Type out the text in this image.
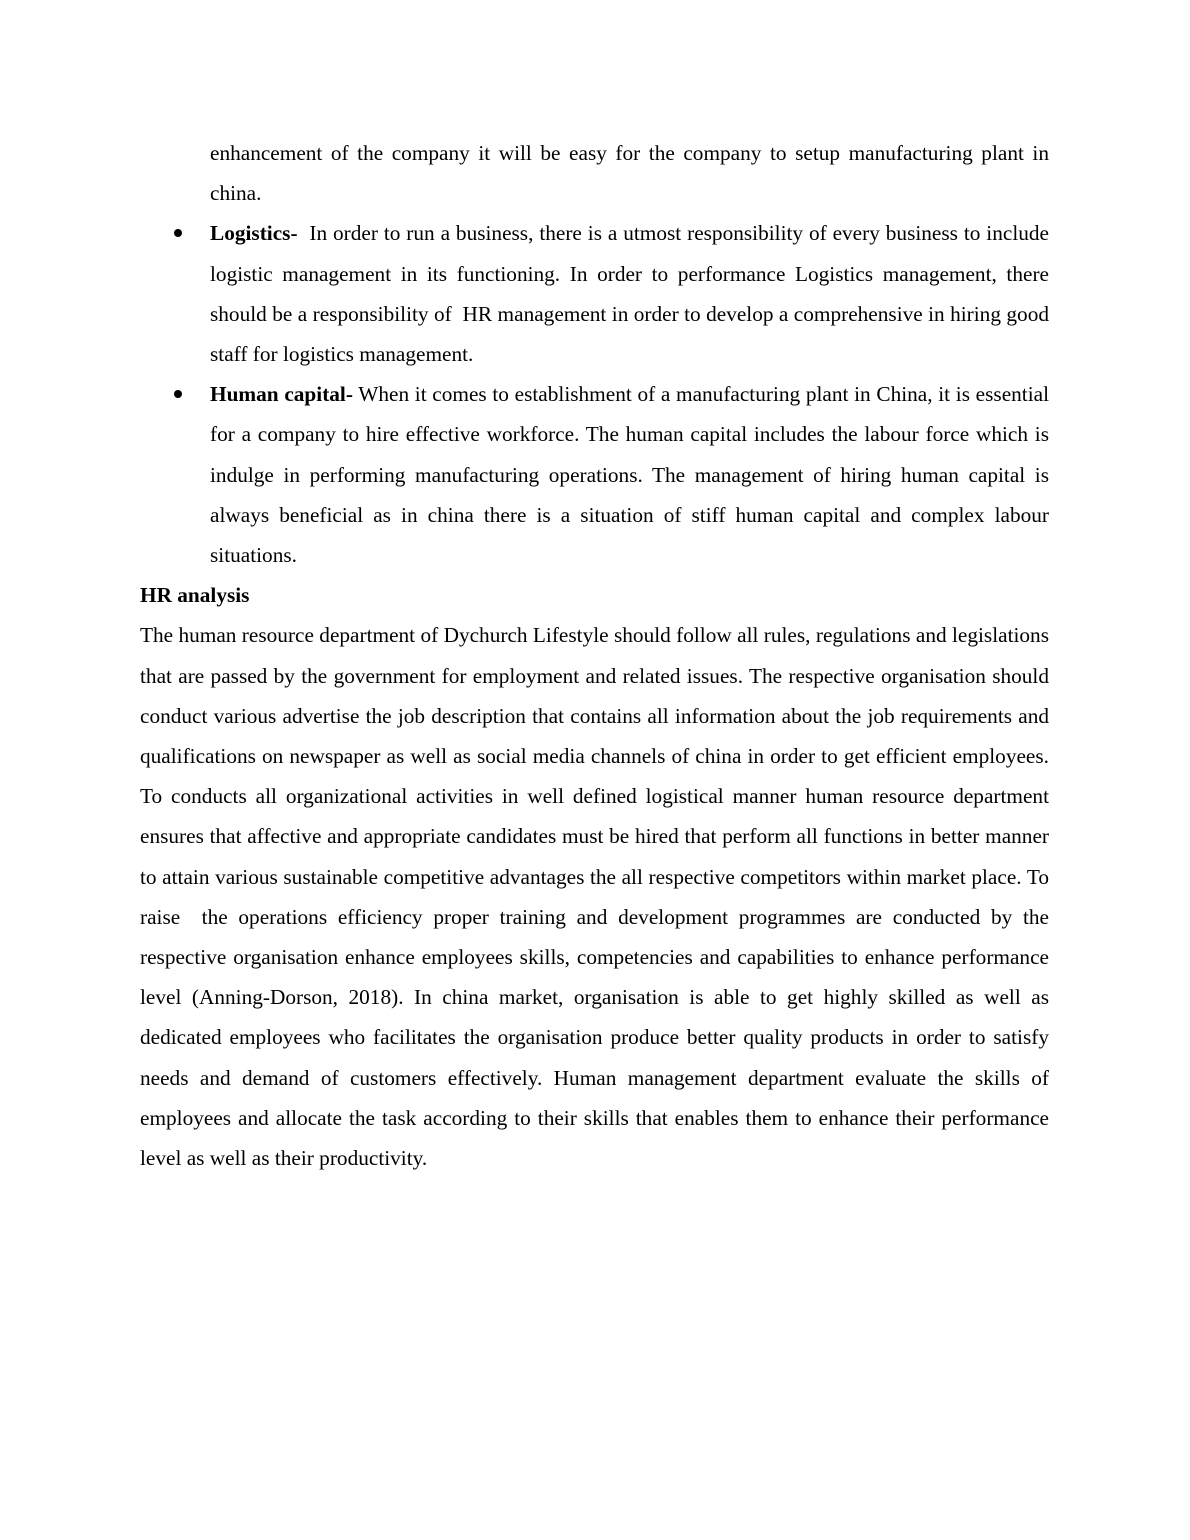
enhancement of the company it will be easy for the company to setup manufacturing plant in china.
Logistics-  In order to run a business, there is a utmost responsibility of every business to include logistic management in its functioning. In order to performance Logistics management, there should be a responsibility of  HR management in order to develop a comprehensive in hiring good staff for logistics management.
Human capital- When it comes to establishment of a manufacturing plant in China, it is essential for a company to hire effective workforce. The human capital includes the labour force which is indulge in performing manufacturing operations. The management of hiring human capital is always beneficial as in china there is a situation of stiff human capital and complex labour situations.

HR analysis

The human resource department of Dychurch Lifestyle should follow all rules, regulations and legislations that are passed by the government for employment and related issues. The respective organisation should conduct various advertise the job description that contains all information about the job requirements and qualifications on newspaper as well as social media channels of china in order to get efficient employees. To conducts all organizational activities in well defined logistical manner human resource department ensures that affective and appropriate candidates must be hired that perform all functions in better manner to attain various sustainable competitive advantages the all respective competitors within market place. To raise  the operations efficiency proper training and development programmes are conducted by the respective organisation enhance employees skills, competencies and capabilities to enhance performance level (Anning-Dorson, 2018). In china market, organisation is able to get highly skilled as well as dedicated employees who facilitates the organisation produce better quality products in order to satisfy needs and demand of customers effectively. Human management department evaluate the skills of employees and allocate the task according to their skills that enables them to enhance their performance level as well as their productivity.
